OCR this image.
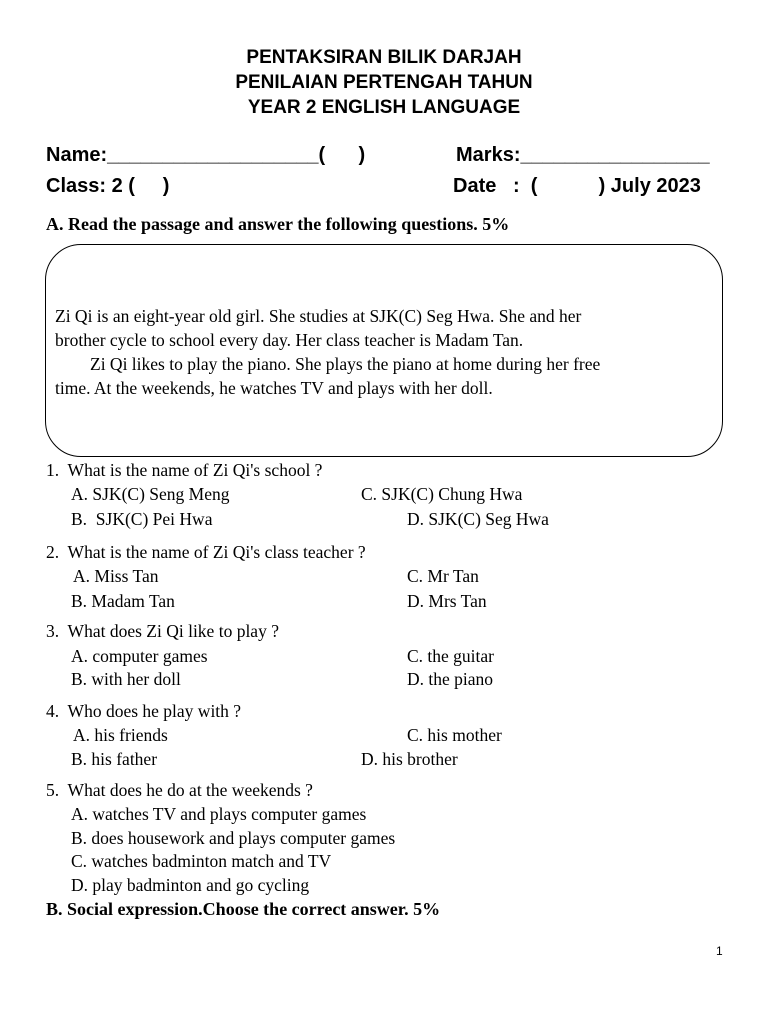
PENTAKSIRAN BILIK DARJAH
PENILAIAN PERTENGAH TAHUN
YEAR 2 ENGLISH LANGUAGE
Name:___________________(      )	Marks:_________________
Class: 2 (     )	Date   :  (           ) July 2023
A. Read the passage and answer the following questions. 5%
Zi Qi is an eight-year old girl. She studies at SJK(C) Seg Hwa. She and her
brother cycle to school every day. Her class teacher is Madam Tan.
Zi Qi likes to play the piano. She plays the piano at home during her free
time. At the weekends, he watches TV and plays with her doll.
1.  What is the name of Zi Qi's school ?
A. SJK(C) Seng Meng	C. SJK(C) Chung Hwa
B.  SJK(C) Pei Hwa	D. SJK(C) Seg Hwa
2.  What is the name of Zi Qi's class teacher ?
A. Miss Tan	C. Mr Tan
B. Madam Tan	D. Mrs Tan
3.  What does Zi Qi like to play ?
A. computer games	C. the guitar
B. with her doll	D. the piano
4.  Who does he play with ?
A. his friends	C. his mother
B. his father	D. his brother
5.  What does he do at the weekends ?
A. watches TV and plays computer games
B. does housework and plays computer games
C. watches badminton match and TV
D. play badminton and go cycling
B. Social expression.Choose the correct answer. 5%
1
